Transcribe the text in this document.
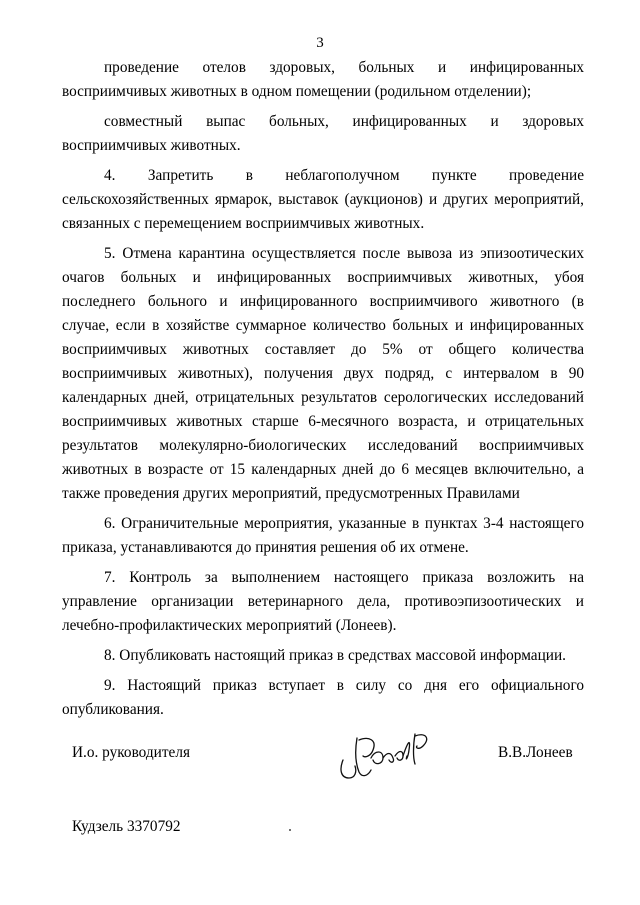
3

проведение отелов здоровых, больных и инфицированных восприимчивых животных в одном помещении (родильном отделении);

совместный выпас больных, инфицированных и здоровых восприимчивых животных.

4. Запретить в неблагополучном пункте проведение сельскохозяйственных ярмарок, выставок (аукционов) и других мероприятий, связанных с перемещением восприимчивых животных.

5. Отмена карантина осуществляется после вывоза из эпизоотических очагов больных и инфицированных восприимчивых животных, убоя последнего больного и инфицированного восприимчивого животного (в случае, если в хозяйстве суммарное количество больных и инфицированных восприимчивых животных составляет до 5% от общего количества восприимчивых животных), получения двух подряд, с интервалом в 90 календарных дней, отрицательных результатов серологических исследований восприимчивых животных старше 6-месячного возраста, и отрицательных результатов молекулярно-биологических исследований восприимчивых животных в возрасте от 15 календарных дней до 6 месяцев включительно, а также проведения других мероприятий, предусмотренных Правилами

6. Ограничительные мероприятия, указанные в пунктах 3-4 настоящего приказа, устанавливаются до принятия решения об их отмене.

7. Контроль за выполнением настоящего приказа возложить на управление организации ветеринарного дела, противоэпизоотических и лечебно-профилактических мероприятий (Лонеев).

8. Опубликовать настоящий приказ в средствах массовой информации.

9. Настоящий приказ вступает в силу со дня его официального опубликования.

И.о. руководителя	В.В.Лонеев
Кудзель 3370792
